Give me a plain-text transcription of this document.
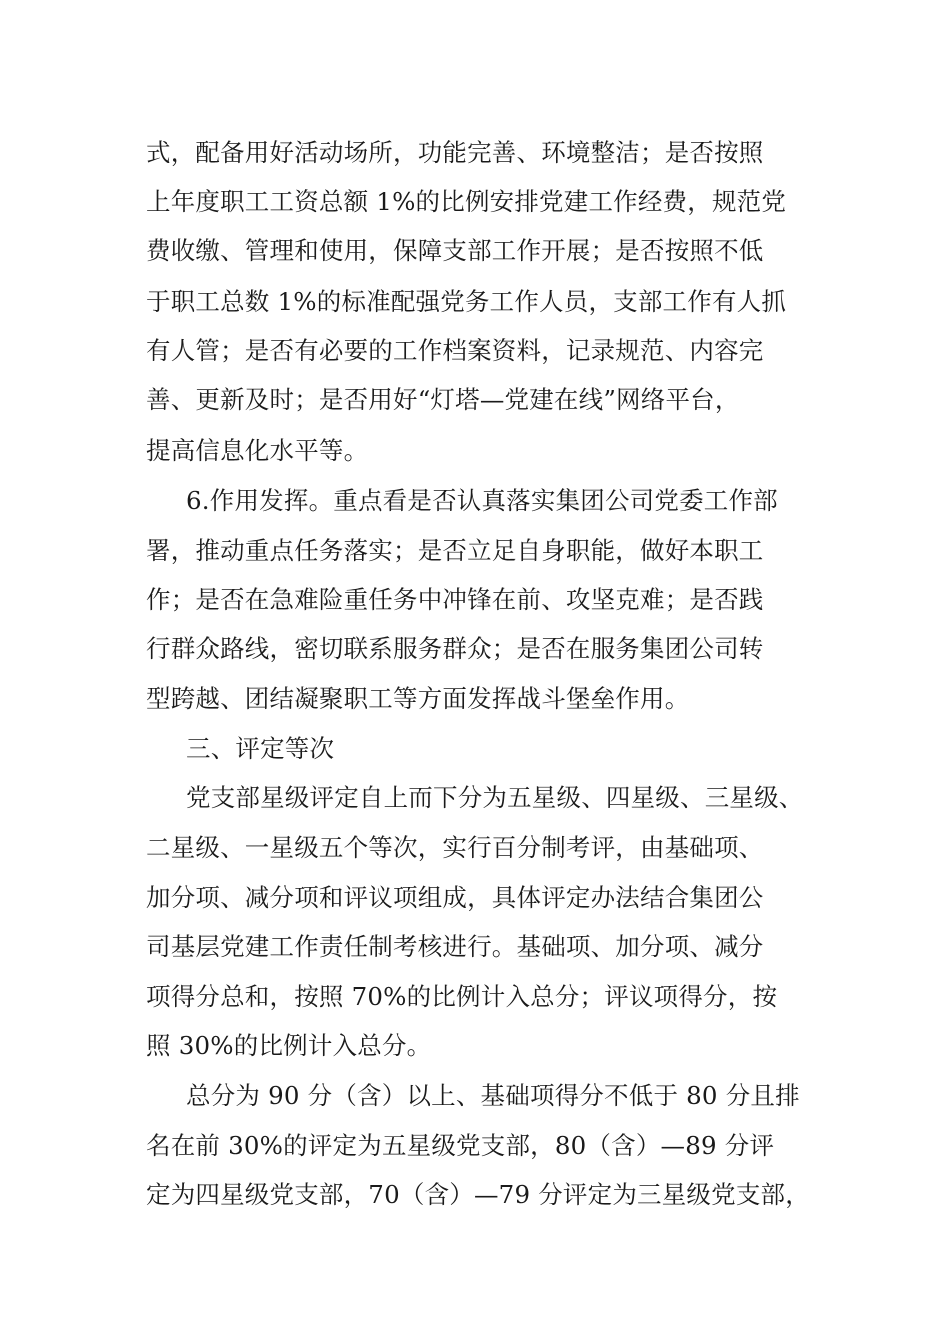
式，配备用好活动场所，功能完善、环境整洁；是否按照
上年度职工工资总额 1%的比例安排党建工作经费，规范党
费收缴、管理和使用，保障支部工作开展；是否按照不低
于职工总数 1%的标准配强党务工作人员，支部工作有人抓
有人管；是否有必要的工作档案资料，记录规范、内容完
善、更新及时；是否用好“灯塔—党建在线”网络平台，
提高信息化水平等。
6.作用发挥。重点看是否认真落实集团公司党委工作部
署，推动重点任务落实；是否立足自身职能，做好本职工
作；是否在急难险重任务中冲锋在前、攻坚克难；是否践
行群众路线，密切联系服务群众；是否在服务集团公司转
型跨越、团结凝聚职工等方面发挥战斗堡垒作用。
三、评定等次
党支部星级评定自上而下分为五星级、四星级、三星级、
二星级、一星级五个等次，实行百分制考评，由基础项、
加分项、减分项和评议项组成，具体评定办法结合集团公
司基层党建工作责任制考核进行。基础项、加分项、减分
项得分总和，按照 70%的比例计入总分；评议项得分，按
照 30%的比例计入总分。
总分为 90 分（含）以上、基础项得分不低于 80 分且排
名在前 30%的评定为五星级党支部，80（含）—89 分评
定为四星级党支部，70（含）—79 分评定为三星级党支部，
